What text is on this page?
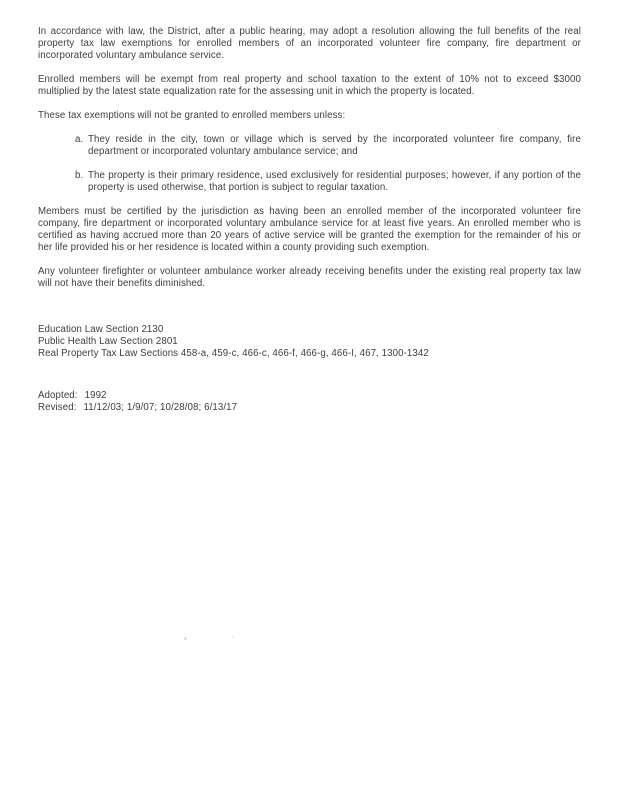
In accordance with law, the District, after a public hearing, may adopt a resolution allowing the full benefits of the real property tax law exemptions for enrolled members of an incorporated volunteer fire company, fire department or incorporated voluntary ambulance service.

Enrolled members will be exempt from real property and school taxation to the extent of 10% not to exceed $3000 multiplied by the latest state equalization rate for the assessing unit in which the property is located.

These tax exemptions will not be granted to enrolled members unless:

a. They reside in the city, town or village which is served by the incorporated volunteer fire company, fire department or incorporated voluntary ambulance service; and
b. The property is their primary residence, used exclusively for residential purposes; however, if any portion of the property is used otherwise, that portion is subject to regular taxation.

Members must be certified by the jurisdiction as having been an enrolled member of the incorporated volunteer fire company, fire department or incorporated voluntary ambulance service for at least five years. An enrolled member who is certified as having accrued more than 20 years of active service will be granted the exemption for the remainder of his or her life provided his or her residence is located within a county providing such exemption.

Any volunteer firefighter or volunteer ambulance worker already receiving benefits under the existing real property tax law will not have their benefits diminished.

Education Law Section 2130
Public Health Law Section 2801
Real Property Tax Law Sections 458-a, 459-c, 466-c, 466-f, 466-g, 466-I, 467, 1300-1342
Adopted: 1992
Revised: 11/12/03; 1/9/07; 10/28/08; 6/13/17
